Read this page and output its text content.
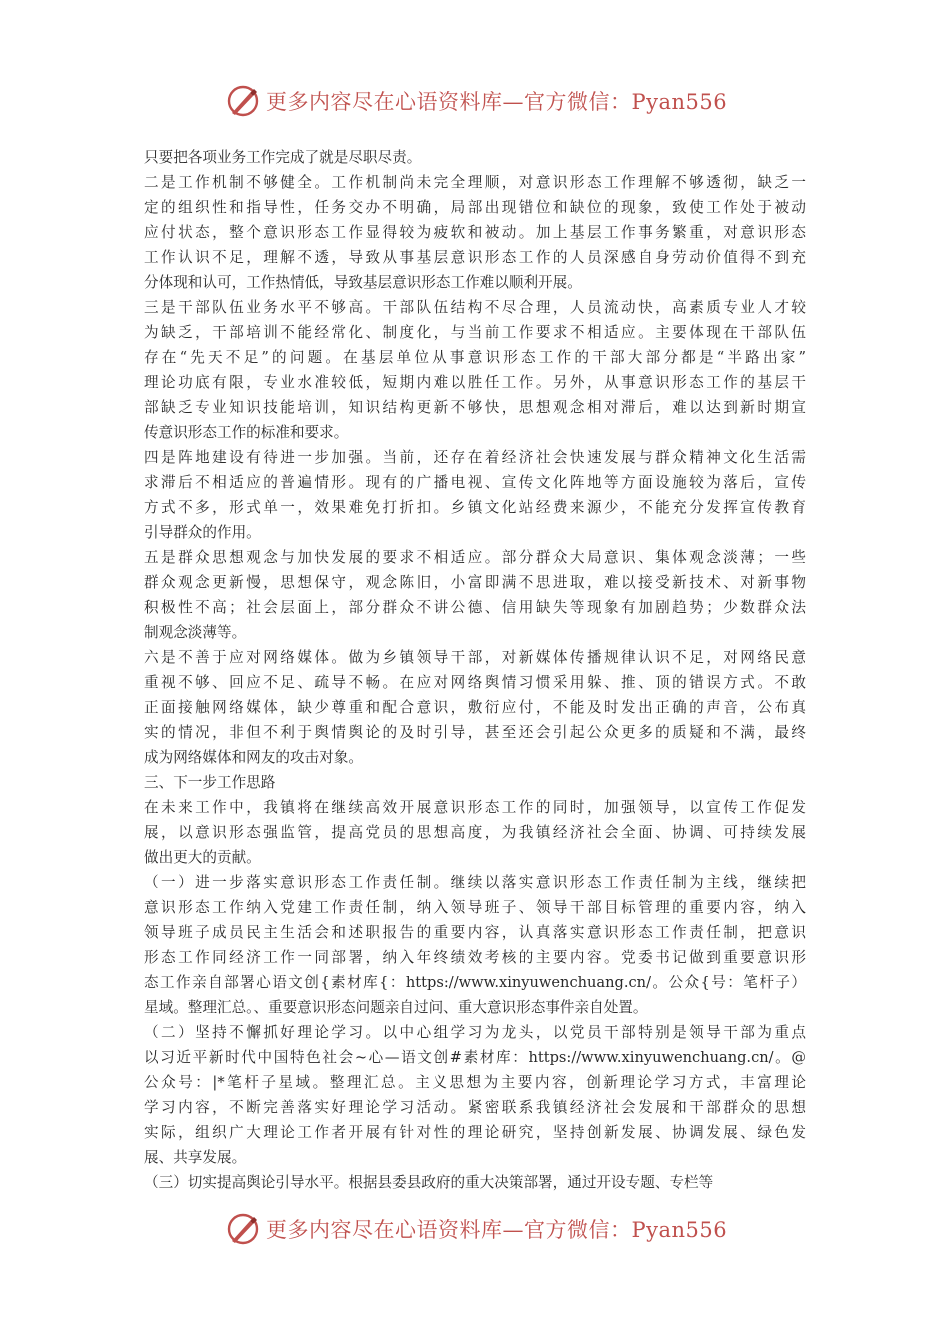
更多内容尽在心语资料库—官方微信：Pyan556
只要把各项业务工作完成了就是尽职尽责。
二是工作机制不够健全。工作机制尚未完全理顺，对意识形态工作理解不够透彻，缺乏一
定的组织性和指导性，任务交办不明确，局部出现错位和缺位的现象，致使工作处于被动
应付状态，整个意识形态工作显得较为疲软和被动。加上基层工作事务繁重，对意识形态
工作认识不足，理解不透，导致从事基层意识形态工作的人员深感自身劳动价值得不到充
分体现和认可，工作热情低，导致基层意识形态工作难以顺利开展。
三是干部队伍业务水平不够高。干部队伍结构不尽合理，人员流动快，高素质专业人才较
为缺乏，干部培训不能经常化、制度化，与当前工作要求不相适应。主要体现在干部队伍
存在“先天不足”的问题。在基层单位从事意识形态工作的干部大部分都是“半路出家”
理论功底有限，专业水准较低，短期内难以胜任工作。另外，从事意识形态工作的基层干
部缺乏专业知识技能培训，知识结构更新不够快，思想观念相对滞后，难以达到新时期宣
传意识形态工作的标准和要求。
四是阵地建设有待进一步加强。当前，还存在着经济社会快速发展与群众精神文化生活需
求滞后不相适应的普遍情形。现有的广播电视、宣传文化阵地等方面设施较为落后，宣传
方式不多，形式单一，效果难免打折扣。乡镇文化站经费来源少，不能充分发挥宣传教育
引导群众的作用。
五是群众思想观念与加快发展的要求不相适应。部分群众大局意识、集体观念淡薄；一些
群众观念更新慢，思想保守，观念陈旧，小富即满不思进取，难以接受新技术、对新事物
积极性不高；社会层面上，部分群众不讲公德、信用缺失等现象有加剧趋势；少数群众法
制观念淡薄等。
六是不善于应对网络媒体。做为乡镇领导干部，对新媒体传播规律认识不足，对网络民意
重视不够、回应不足、疏导不畅。在应对网络舆情习惯采用躲、推、顶的错误方式。不敢
正面接触网络媒体，缺少尊重和配合意识，敷衍应付，不能及时发出正确的声音，公布真
实的情况，非但不利于舆情舆论的及时引导，甚至还会引起公众更多的质疑和不满，最终
成为网络媒体和网友的攻击对象。
三、下一步工作思路
在未来工作中，我镇将在继续高效开展意识形态工作的同时，加强领导，以宣传工作促发
展，以意识形态强监管，提高党员的思想高度，为我镇经济社会全面、协调、可持续发展
做出更大的贡献。
（一）进一步落实意识形态工作责任制。继续以落实意识形态工作责任制为主线，继续把
意识形态工作纳入党建工作责任制，纳入领导班子、领导干部目标管理的重要内容，纳入
领导班子成员民主生活会和述职报告的重要内容，认真落实意识形态工作责任制，把意识
形态工作同经济工作一同部署，纳入年终绩效考核的主要内容。党委书记做到重要意识形
态工作亲自部署心语文创{素材库{：https://www.xinyuwenchuang.cn/。公众{号：笔杆子）
星域。整理汇总。、重要意识形态问题亲自过问、重大意识形态事件亲自处置。
（二）坚持不懈抓好理论学习。以中心组学习为龙头，以党员干部特别是领导干部为重点
以习近平新时代中国特色社会~心—语文创#素材库：https://www.xinyuwenchuang.cn/。@
公众号：|*笔杆子星域。整理汇总。主义思想为主要内容，创新理论学习方式，丰富理论
学习内容，不断完善落实好理论学习活动。紧密联系我镇经济社会发展和干部群众的思想
实际，组织广大理论工作者开展有针对性的理论研究，坚持创新发展、协调发展、绿色发
展、共享发展。
（三）切实提高舆论引导水平。根据县委县政府的重大决策部署，通过开设专题、专栏等
更多内容尽在心语资料库—官方微信：Pyan556
